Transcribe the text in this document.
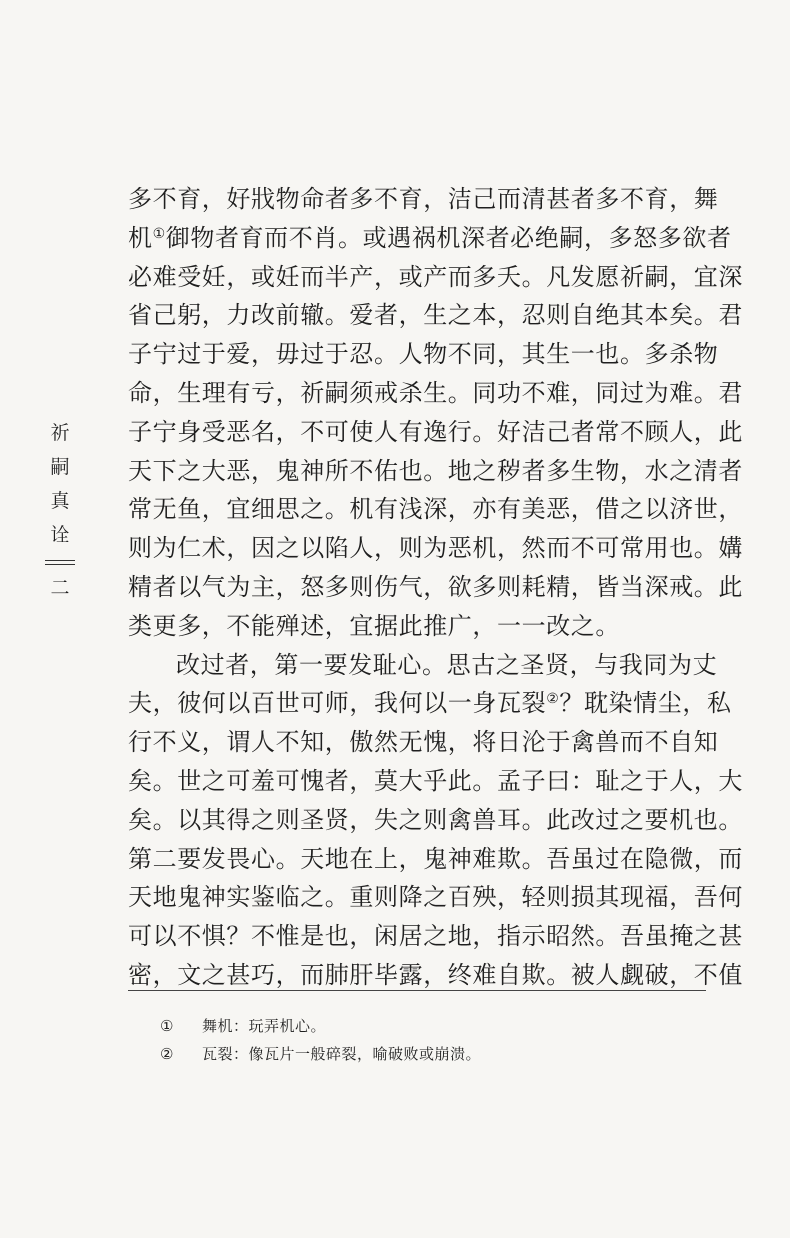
祈
嗣
真
诠
二
多不育，好戕物命者多不育，洁己而清甚者多不育，舞
机①御物者育而不肖。或遇祸机深者必绝嗣，多怒多欲者
必难受妊，或妊而半产，或产而多夭。凡发愿祈嗣，宜深
省己躬，力改前辙。爱者，生之本，忍则自绝其本矣。君
子宁过于爱，毋过于忍。人物不同，其生一也。多杀物
命，生理有亏，祈嗣须戒杀生。同功不难，同过为难。君
子宁身受恶名，不可使人有逸行。好洁己者常不顾人，此
天下之大恶，鬼神所不佑也。地之秽者多生物，水之清者
常无鱼，宜细思之。机有浅深，亦有美恶，借之以济世，
则为仁术，因之以陷人，则为恶机，然而不可常用也。媾
精者以气为主，怒多则伤气，欲多则耗精，皆当深戒。此
类更多，不能殚述，宜据此推广，一一改之。
改过者，第一要发耻心。思古之圣贤，与我同为丈
夫，彼何以百世可师，我何以一身瓦裂②？耽染情尘，私
行不义，谓人不知，傲然无愧，将日沦于禽兽而不自知
矣。世之可羞可愧者，莫大乎此。孟子曰：耻之于人，大
矣。以其得之则圣贤，失之则禽兽耳。此改过之要机也。
第二要发畏心。天地在上，鬼神难欺。吾虽过在隐微，而
天地鬼神实鉴临之。重则降之百殃，轻则损其现福，吾何
可以不惧？不惟是也，闲居之地，指示昭然。吾虽掩之甚
密，文之甚巧，而肺肝毕露，终难自欺。被人觑破，不值
①	舞机：玩弄机心。
②	瓦裂：像瓦片一般碎裂，喻破败或崩溃。
